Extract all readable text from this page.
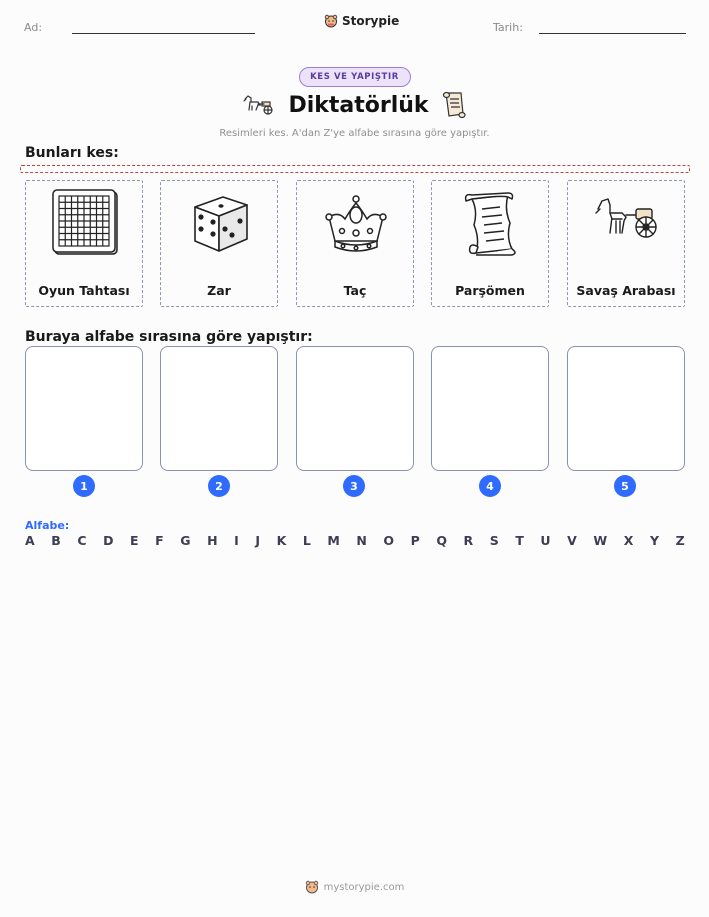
Ad:	Storypie	Tarih:
KES VE YAPIŞTIR
Diktatörlük
Resimleri kes. A'dan Z'ye alfabe sırasına göre yapıştır.
Bunları kes:
Oyun Tahtası	Zar	Taç	Parşömen	Savaş Arabası
Buraya alfabe sırasına göre yapıştır:
1	2	3	4	5
Alfabe:
A B C D E F G H I J K L M N O P Q R S T U V W X Y Z
mystorypie.com
